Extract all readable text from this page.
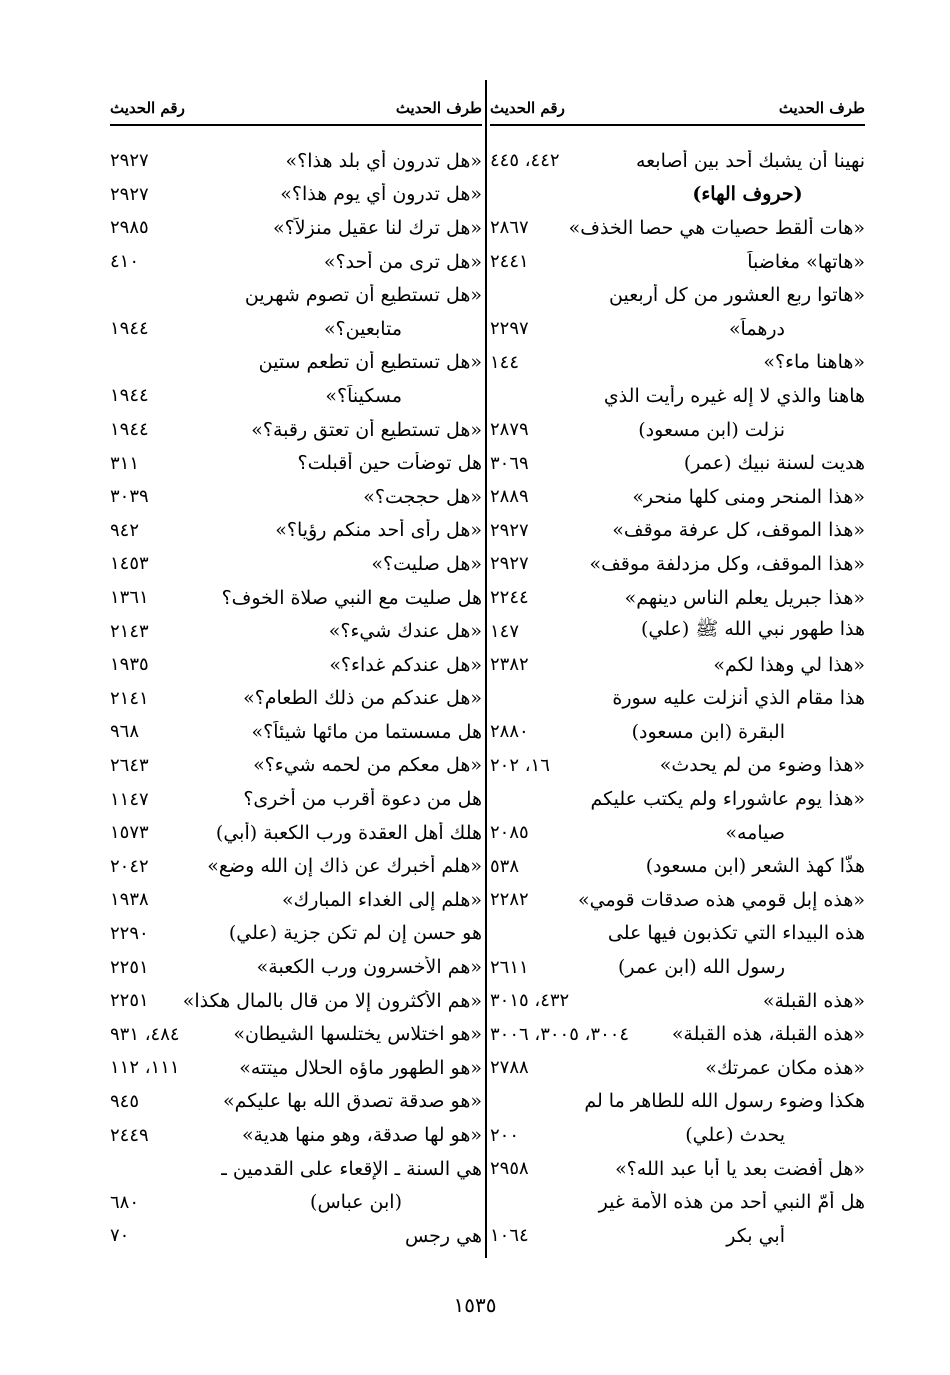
طرف الحديث
رقم الحديث
نهينا أن يشبك أحد بين أصابعه
٤٤٢، ٤٤٥
(حروف الهاء)
«هات ألقط حصيات هي حصا الخذف»
٢٨٦٧
«هاتها» مغاضباً
٢٤٤١
«هاتوا ربع العشور من كل أربعين
درهماً»
٢٢٩٧
«هاهنا ماء؟»
١٤٤
هاهنا والذي لا إله غيره رأيت الذي
نزلت (ابن مسعود)
٢٨٧٩
هديت لسنة نبيك (عمر)
٣٠٦٩
«هذا المنحر ومنى كلها منحر»
٢٨٨٩
«هذا الموقف، كل عرفة موقف»
٢٩٢٧
«هذا الموقف، وكل مزدلفة موقف»
٢٩٢٧
«هذا جبريل يعلم الناس دينهم»
٢٢٤٤
هذا طهور نبي الله ﷺ (علي)
١٤٧
«هذا لي وهذا لكم»
٢٣٨٢
هذا مقام الذي أنزلت عليه سورة
البقرة (ابن مسعود)
٢٨٨٠
«هذا وضوء من لم يحدث»
١٦، ٢٠٢
«هذا يوم عاشوراء ولم يكتب عليكم
صيامه»
٢٠٨٥
هذّا كهذ الشعر (ابن مسعود)
٥٣٨
«هذه إبل قومي هذه صدقات قومي»
٢٢٨٢
هذه البيداء التي تكذبون فيها على
رسول الله (ابن عمر)
٢٦١١
«هذه القبلة»
٤٣٢، ٣٠١٥
«هذه القبلة، هذه القبلة»
٣٠٠٤، ٣٠٠٥، ٣٠٠٦
«هذه مكان عمرتك»
٢٧٨٨
هكذا وضوء رسول الله للطاهر ما لم
يحدث (علي)
٢٠٠
«هل أفضت بعد يا أبا عبد الله؟»
٢٩٥٨
هل أمّ النبي أحد من هذه الأمة غير
أبي بكر
١٠٦٤
طرف الحديث
رقم الحديث
«هل تدرون أي بلد هذا؟»
٢٩٢٧
«هل تدرون أي يوم هذا؟»
٢٩٢٧
«هل ترك لنا عقيل منزلاً؟»
٢٩٨٥
«هل ترى من أحد؟»
٤١٠
«هل تستطيع أن تصوم شهرين
متابعين؟»
١٩٤٤
«هل تستطيع أن تطعم ستين
مسكيناً؟»
١٩٤٤
«هل تستطيع أن تعتق رقبة؟»
١٩٤٤
هل توضأت حين أقبلت؟
٣١١
«هل حججت؟»
٣٠٣٩
«هل رأى أحد منكم رؤيا؟»
٩٤٢
«هل صليت؟»
١٤٥٣
هل صليت مع النبي صلاة الخوف؟
١٣٦١
«هل عندك شيء؟»
٢١٤٣
«هل عندكم غداء؟»
١٩٣٥
«هل عندكم من ذلك الطعام؟»
٢١٤١
هل مسستما من مائها شيئاً؟»
٩٦٨
«هل معكم من لحمه شيء؟»
٢٦٤٣
هل من دعوة أقرب من أخرى؟
١١٤٧
هلك أهل العقدة ورب الكعبة (أبي)
١٥٧٣
«هلم أخبرك عن ذاك إن الله وضع»
٢٠٤٢
«هلم إلى الغداء المبارك»
١٩٣٨
هو حسن إن لم تكن جزية (علي)
٢٢٩٠
«هم الأخسرون ورب الكعبة»
٢٢٥١
«هم الأكثرون إلا من قال بالمال هكذا»
٢٢٥١
«هو اختلاس يختلسها الشيطان»
٤٨٤، ٩٣١
«هو الطهور ماؤه الحلال ميتته»
١١١، ١١٢
«هو صدقة تصدق الله بها عليكم»
٩٤٥
«هو لها صدقة، وهو منها هدية»
٢٤٤٩
هي السنة ـ الإقعاء على القدمين ـ
(ابن عباس)
٦٨٠
هي رجس
٧٠
١٥٣٥
